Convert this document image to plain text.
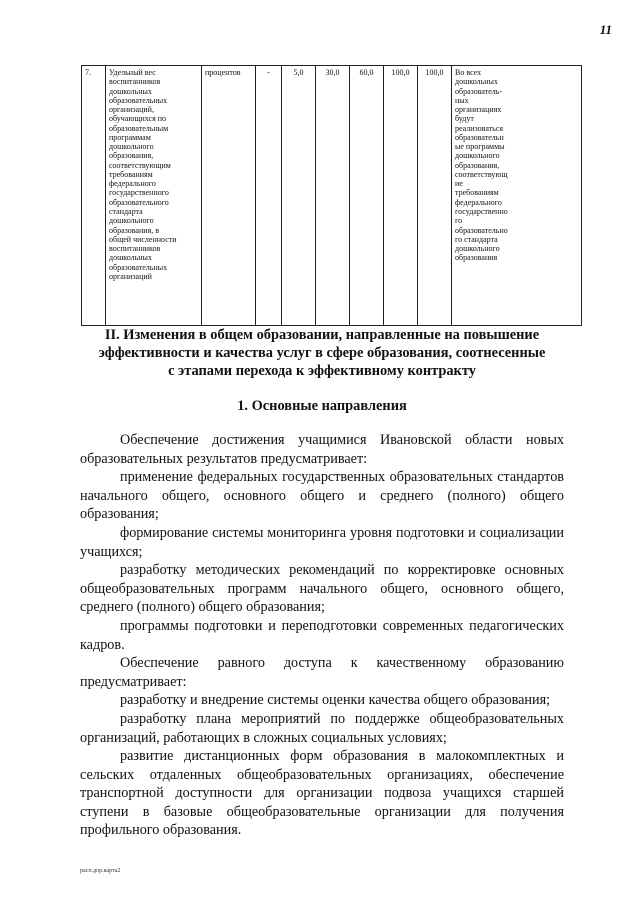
11
7.	Удельный вес
воспитанников
дошкольных
образовательных
организаций,
обучающихся по
образовательным
программам
дошкольного
образования,
соответствующим
требованиям
федерального
государственного
образовательного
стандарта
дошкольного
образования, в
общей численности
воспитанников
дошкольных
образовательных
организаций
	процентов	-	5,0	30,0	60,0	100,0	100,0	Во всех
дошкольных
образователь-
ных
организациях
будут
реализоваться
образовательн
ые программы
дошкольного
образования,
соответствующ
ие
требованиям
федерального
государственно
го
образовательно
го стандарта
дошкольного
образования
II. Изменения в общем образовании, направленные на повышение
эффективности и качества услуг в сфере образования, соотнесенные
с этапами перехода к эффективному контракту
1. Основные направления

Обеспечение достижения учащимися Ивановской области новых образовательных результатов предусматривает:

применение федеральных государственных образовательных стандартов начального общего, основного общего и среднего (полного) общего образования;

формирование системы мониторинга уровня подготовки и социализации учащихся;

разработку методических рекомендаций по корректировке основных общеобразовательных программ начального общего, основного общего, среднего (полного) общего образования;

программы подготовки и переподготовки современных педагогических кадров.

Обеспечение равного доступа к качественному образованию предусматривает:

разработку и внедрение системы оценки качества общего образования;

разработку плана мероприятий по поддержке общеобразовательных организаций, работающих в сложных социальных условиях;

развитие дистанционных форм образования в малокомплектных и сельских отдаленных общеобразовательных организациях, обеспечение транспортной доступности для организации подвоза учащихся старшей ступени в базовые общеобразовательные организации для получения профильного образования.

расп.дор.карта2
